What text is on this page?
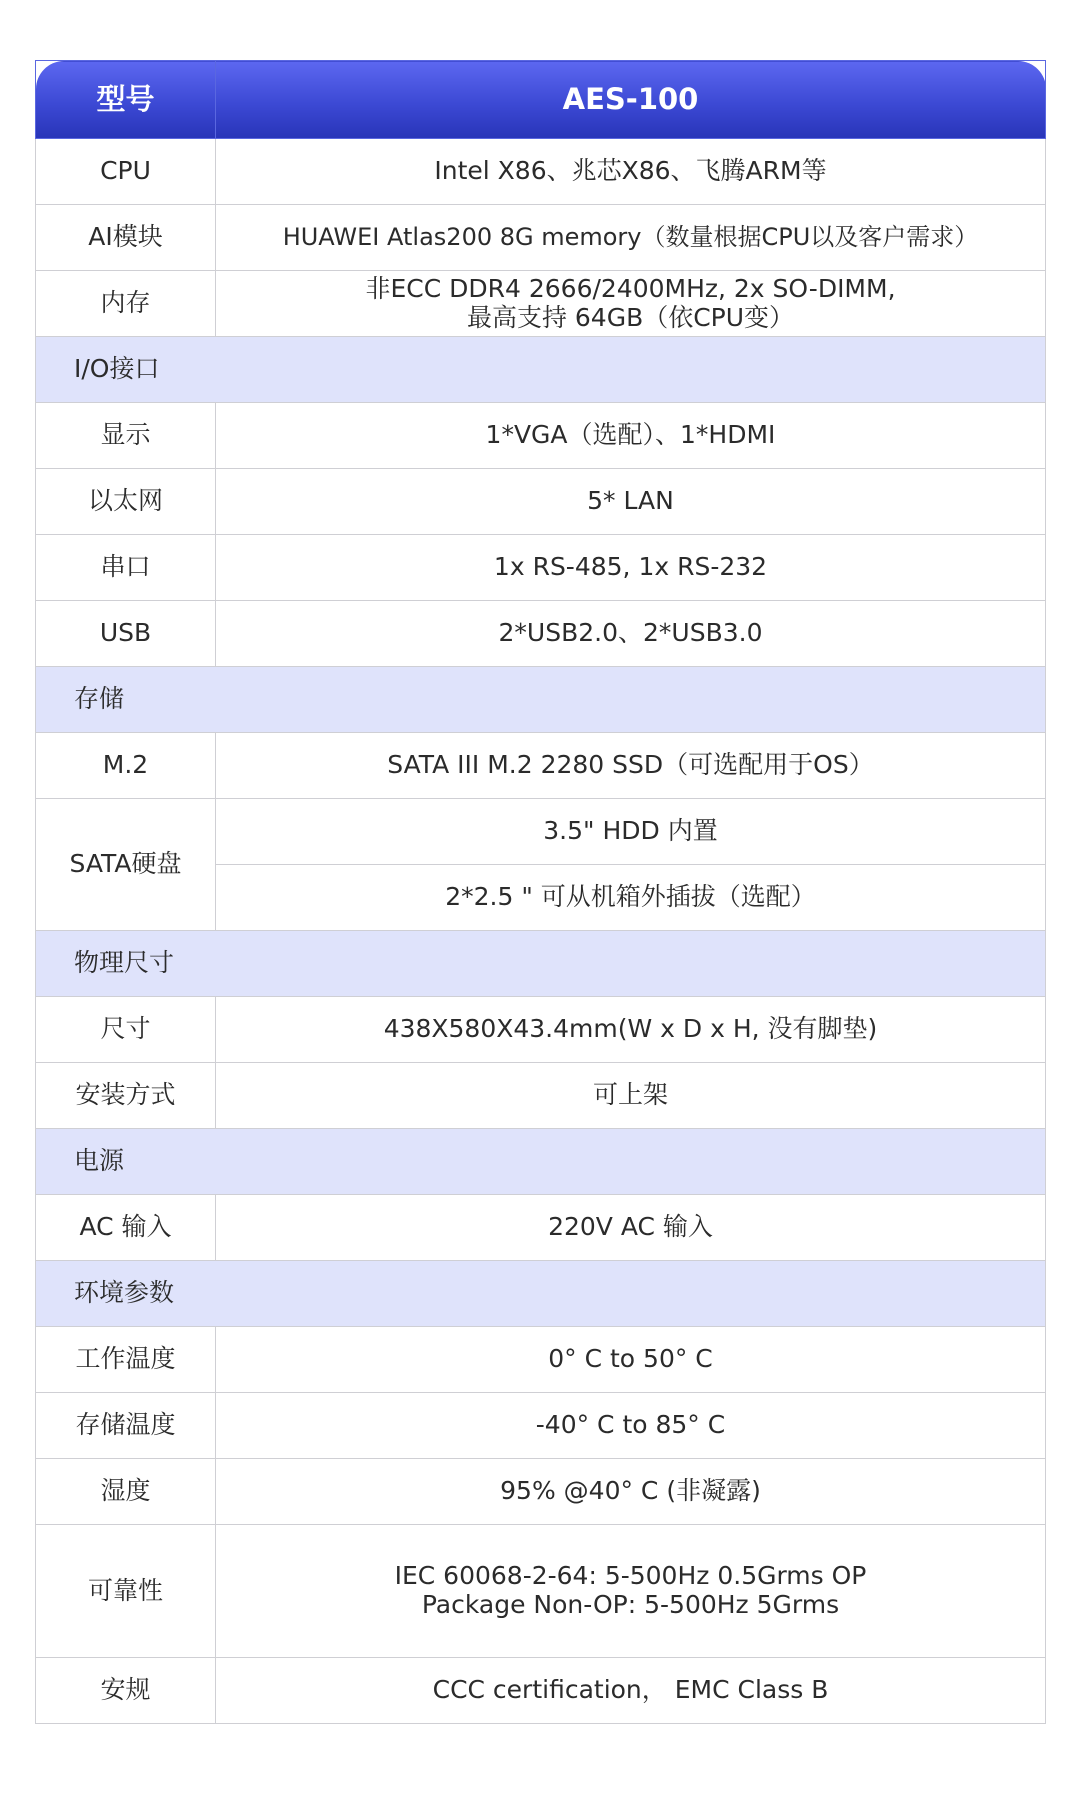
型号	AES-100
CPU	Intel X86、兆芯X86、飞腾ARM等
AI模块	HUAWEI Atlas200 8G memory（数量根据CPU以及客户需求）
内存	非ECC DDR4 2666/2400MHz, 2x SO-DIMM,
最高支持 64GB（依CPU变）

I/O接口	
显示	1*VGA（选配）、1*HDMI
以太网	5* LAN
串口	1x RS-485, 1x RS-232
USB	2*USB2.0、2*USB3.0
存储	
M.2	SATA III M.2 2280 SSD（可选配用于OS）
SATA硬盘	3.5" HDD 内置
	2*2.5 " 可从机箱外插拔（选配）
物理尺寸	
尺寸	438X580X43.4mm(W x D x H, 没有脚垫)
安装方式	可上架
电源	
AC 输入	220V AC 输入
环境参数	
工作温度	0° C to 50° C
存储温度	-40° C to 85° C
湿度	95% @40° C (非凝露)
可靠性	IEC 60068-2-64: 5-500Hz 0.5Grms OP
Package Non-OP: 5-500Hz 5Grms

安规	CCC certification， EMC Class B
